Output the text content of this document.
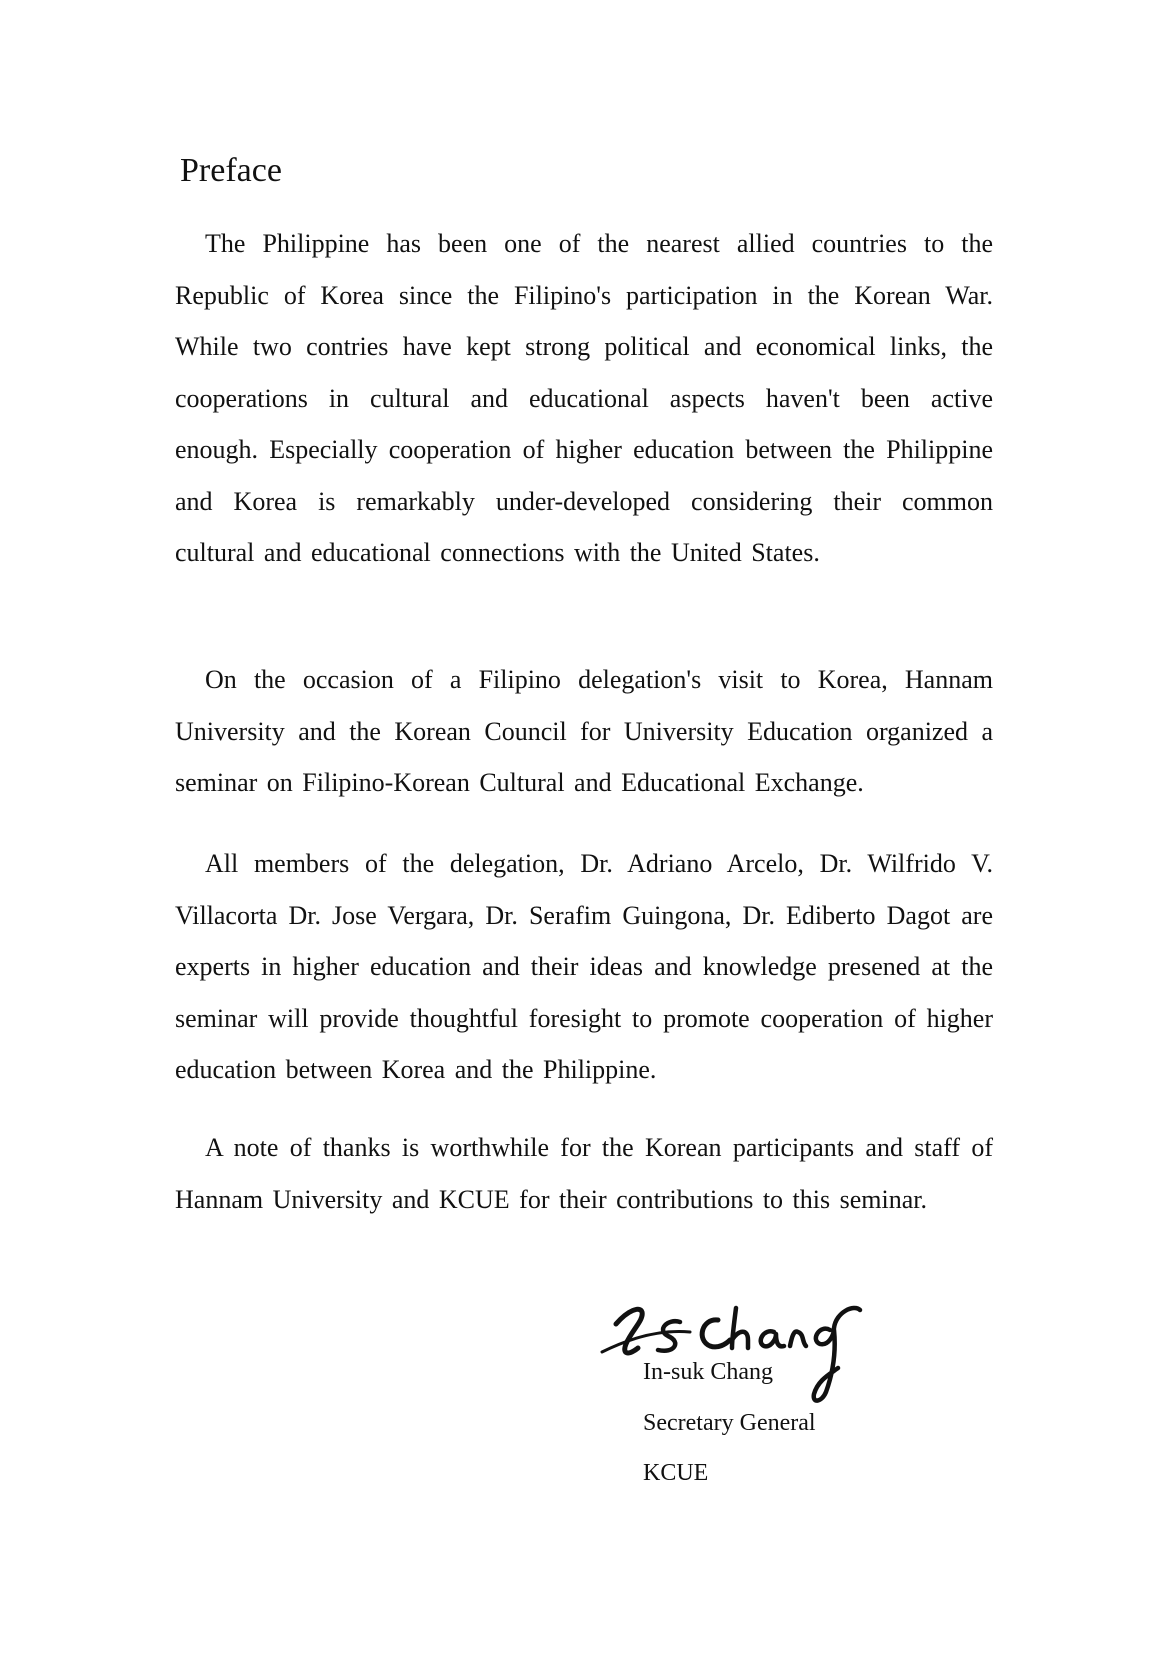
Preface

The Philippine has been one of the nearest allied countries to the Republic of Korea since the Filipino's participation in the Korean War. While two contries have kept strong political and economical links, the cooperations in cultural and educational aspects haven't been active enough. Especially cooperation of higher education between the Philippine and Korea is remarkably under-developed considering their common cultural and educational connections with the United States.

On the occasion of a Filipino delegation's visit to Korea, Hannam University and the Korean Council for University Education organized a seminar on Filipino-Korean Cultural and Educational Exchange.

All members of the delegation, Dr. Adriano Arcelo, Dr. Wilfrido V. Villacorta Dr. Jose Vergara, Dr. Serafim Guingona, Dr. Ediberto Dagot are experts in higher education and their ideas and knowledge presened at the seminar will provide thoughtful foresight to promote cooperation of higher education between Korea and the Philippine.

A note of thanks is worthwhile for the Korean participants and staff of Hannam University and KCUE for their contributions to this seminar.

In-suk Chang

Secretary General

KCUE
